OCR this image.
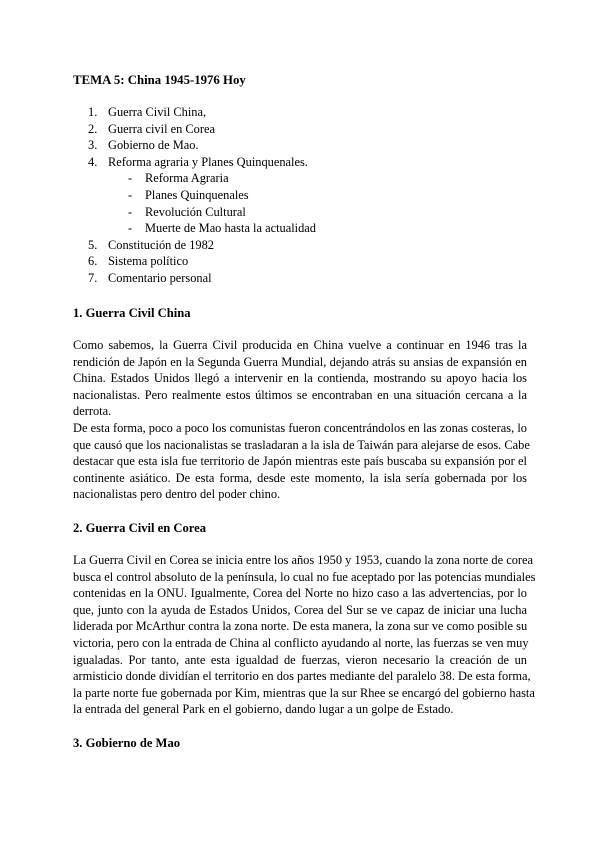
TEMA 5: China 1945-1976 Hoy
1. Guerra Civil China,
2. Guerra civil en Corea
3. Gobierno de Mao.
4. Reforma agraria y Planes Quinquenales.
- Reforma Agraria
- Planes Quinquenales
- Revolución Cultural
- Muerte de Mao hasta la actualidad
5. Constitución de 1982
6. Sistema político
7. Comentario personal
1. Guerra Civil China

Como sabemos, la Guerra Civil producida en China vuelve a continuar en 1946 tras la
rendición de Japón en la Segunda Guerra Mundial, dejando atrás su ansias de expansión en
China. Estados Unidos llegó a intervenir en la contienda, mostrando su apoyo hacia los
nacionalistas. Pero realmente estos últimos se encontraban en una situación cercana a la
derrota.
De esta forma, poco a poco los comunistas fueron concentrándolos en las zonas costeras, lo
que causó que los nacionalistas se trasladaran a la isla de Taiwán para alejarse de esos. Cabe
destacar que esta isla fue territorio de Japón mientras este país buscaba su expansión por el
continente asiático. De esta forma, desde este momento, la isla sería gobernada por los
nacionalistas pero dentro del poder chino.

2. Guerra Civil en Corea

La Guerra Civil en Corea se inicia entre los años 1950 y 1953, cuando la zona norte de corea
busca el control absoluto de la península, lo cual no fue aceptado por las potencias mundiales
contenidas en la ONU. Igualmente, Corea del Norte no hizo caso a las advertencias, por lo
que, junto con la ayuda de Estados Unidos, Corea del Sur se ve capaz de iniciar una lucha
liderada por McArthur contra la zona norte. De esta manera, la zona sur ve como posible su
victoria, pero con la entrada de China al conflicto ayudando al norte, las fuerzas se ven muy
igualadas. Por tanto, ante esta igualdad de fuerzas, vieron necesario la creación de un
armisticio donde dividían el territorio en dos partes mediante del paralelo 38. De esta forma,
la parte norte fue gobernada por Kim, mientras que la sur Rhee se encargó del gobierno hasta
la entrada del general Park en el gobierno, dando lugar a un golpe de Estado.

3. Gobierno de Mao
